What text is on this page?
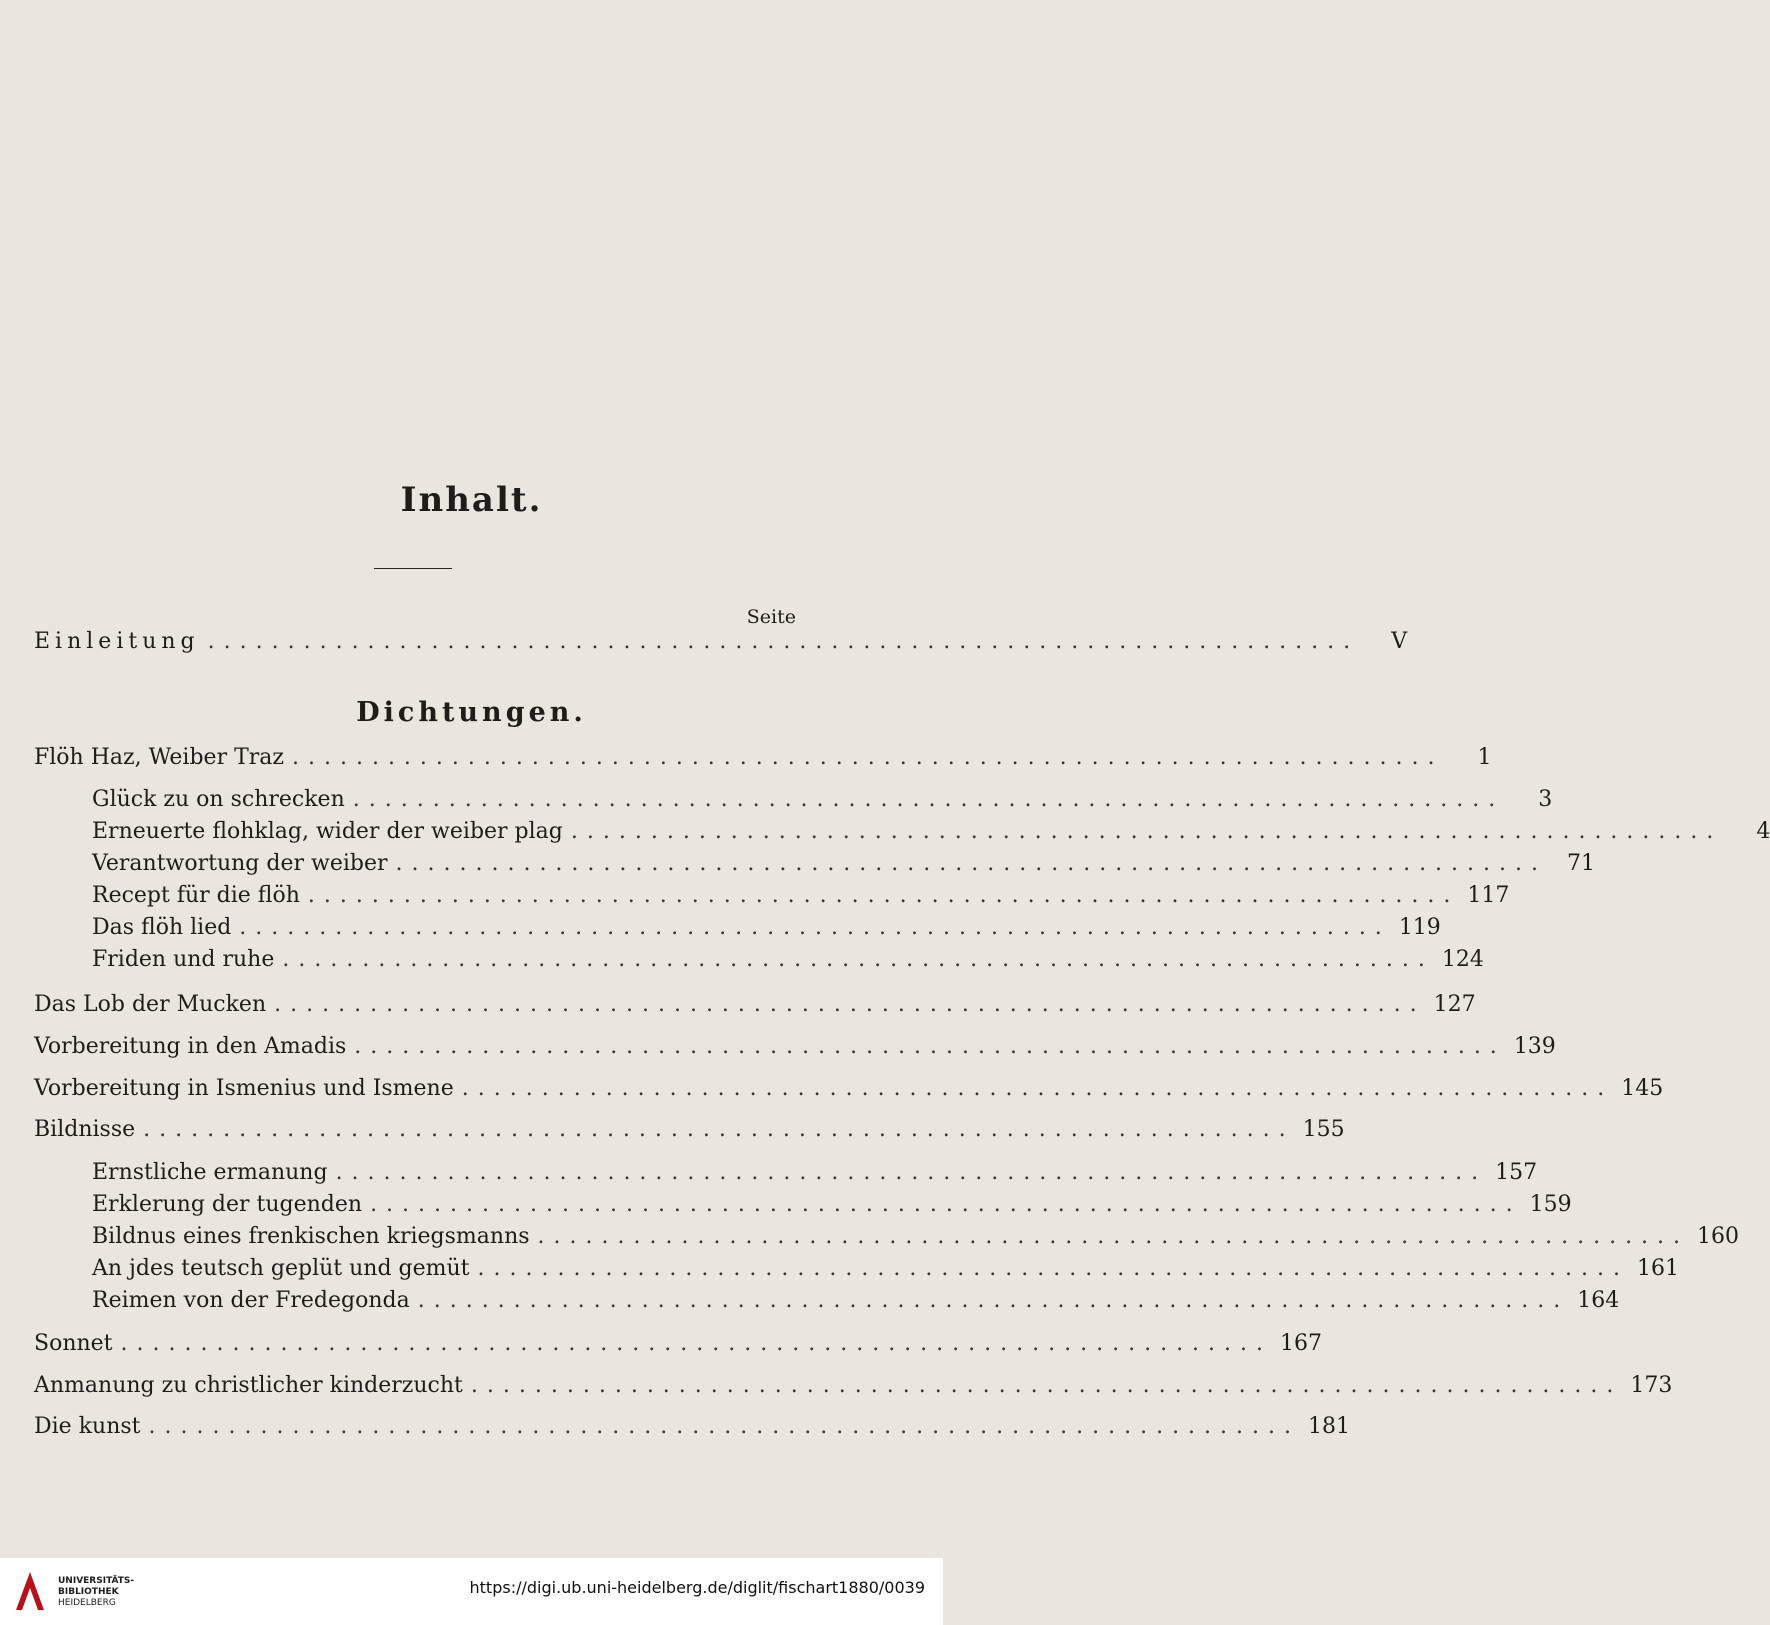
Inhalt.
Seite
Dichtungen.
Einleitung ........................................................................	V
Flöh Haz, Weiber Traz ........................................................................	1
Glück zu on schrecken ........................................................................	3
Erneuerte flohklag, wider der weiber plag ........................................................................	4
Verantwortung der weiber ........................................................................ 71
Recept für die flöh ........................................................................ 117
Das flöh lied ........................................................................ 119
Friden und ruhe ........................................................................ 124
Das Lob der Mucken ........................................................................ 127
Vorbereitung in den Amadis ........................................................................ 139
Vorbereitung in Ismenius und Ismene ........................................................................ 145
Bildnisse ........................................................................ 155
Ernstliche ermanung ........................................................................ 157
Erklerung der tugenden ........................................................................ 159
Bildnus eines frenkischen kriegsmanns ........................................................................ 160
An jdes teutsch geplüt und gemüt ........................................................................ 161
Reimen von der Fredegonda ........................................................................ 164
Sonnet ........................................................................ 167
Anmanung zu christlicher kinderzucht ........................................................................ 173
Die kunst ........................................................................ 181
UNIVERSITÄTS-
BIBLIOTHEK
HEIDELBERG
https://digi.ub.uni-heidelberg.de/diglit/fischart1880/0039
